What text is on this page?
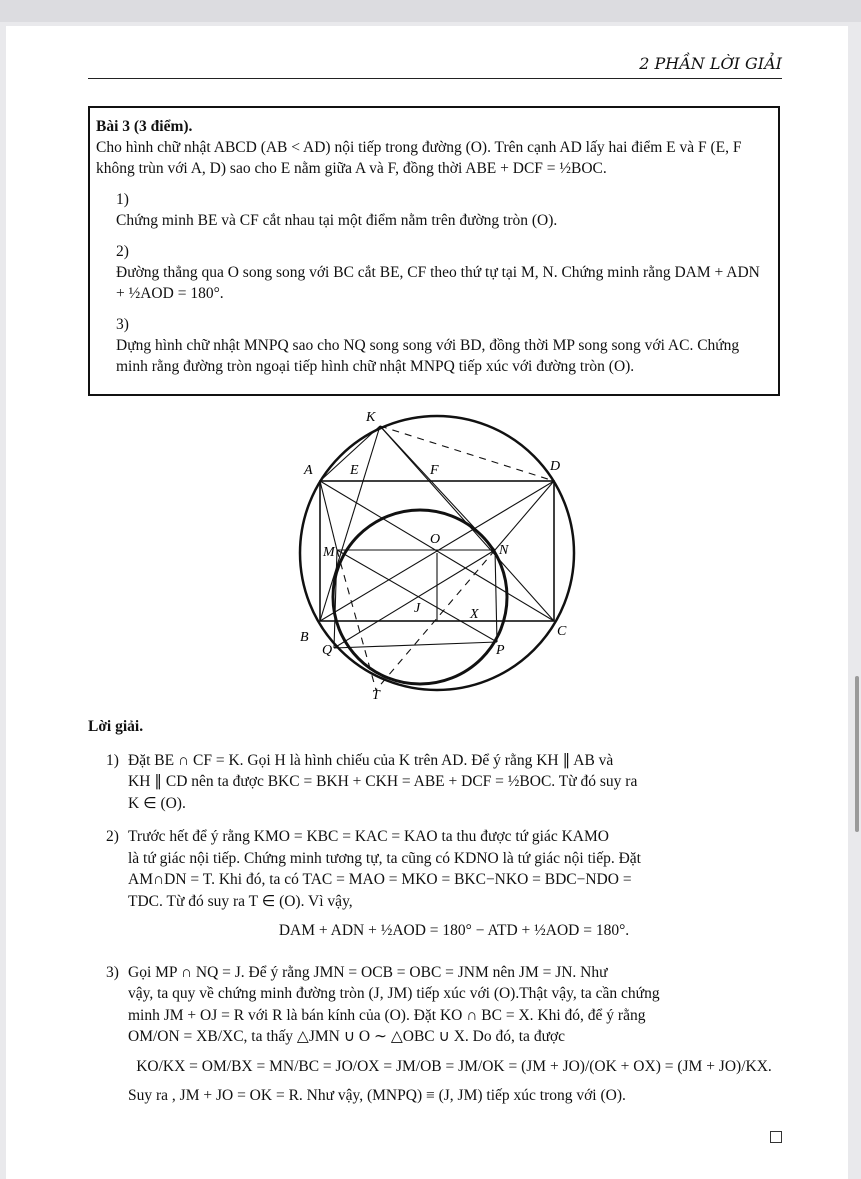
2 PHẦN LỜI GIẢI

Bài 3 (3 điểm).

Cho hình chữ nhật ABCD (AB < AD) nội tiếp trong đường (O). Trên cạnh AD lấy hai điểm E và F (E, F không trùn với A, D) sao cho E nằm giữa A và F, đồng thời ABE + DCF = ½BOC.

1)Chứng minh BE và CF cắt nhau tại một điểm nằm trên đường tròn (O).
2)Đường thẳng qua O song song với BC cắt BE, CF theo thứ tự tại M, N. Chứng minh rằng DAM + ADN + ½AOD = 180°.
3)Dựng hình chữ nhật MNPQ sao cho NQ song song với BD, đồng thời MP song song với AC. Chứng minh rằng đường tròn ngoại tiếp hình chữ nhật MNPQ tiếp xúc với đường tròn (O).
K
A	E	F	D
O
M	N
J	X
B
Q	P
C
T

Lời giải.

1) Đặt BE ∩ CF = K. Gọi H là hình chiếu của K trên AD. Để ý rằng KH ∥ AB và
KH ∥ CD nên ta được BKC = BKH + CKH = ABE + DCF = ½BOC. Từ đó suy ra
K ∈ (O).
2) Trước hết để ý rằng KMO = KBC = KAC = KAO ta thu được tứ giác KAMO
là tứ giác nội tiếp. Chứng minh tương tự, ta cũng có KDNO là tứ giác nội tiếp. Đặt
AM∩DN = T. Khi đó, ta có TAC = MAO = MKO = BKC−NKO = BDC−NDO =
TDC. Từ đó suy ra T ∈ (O). Vì vậy,
DAM + ADN + ½AOD = 180° − ATD + ½AOD = 180°.
3) Gọi MP ∩ NQ = J. Để ý rằng JMN = OCB = OBC = JNM nên JM = JN. Như
vậy, ta quy về chứng minh đường tròn (J, JM) tiếp xúc với (O).Thật vậy, ta cần chứng
minh JM + OJ = R với R là bán kính của (O). Đặt KO ∩ BC = X. Khi đó, để ý rằng
OM/ON = XB/XC, ta thấy △JMN ∪ O ∼ △OBC ∪ X. Do đó, ta được
KO/KX = OM/BX = MN/BC = JO/OX = JM/OB = JM/OK = (JM + JO)/(OK + OX) = (JM + JO)/KX.
Suy ra , JM + JO = OK = R. Như vậy, (MNPQ) ≡ (J, JM) tiếp xúc trong với (O).
